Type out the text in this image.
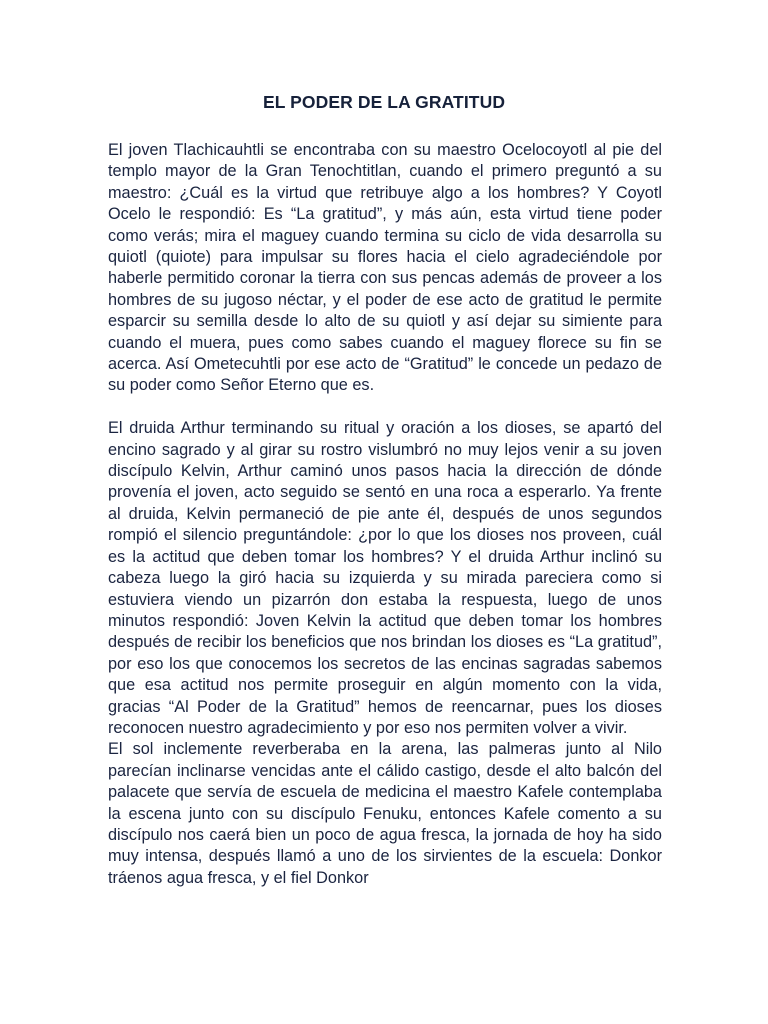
EL PODER DE LA GRATITUD

El joven Tlachicauhtli se encontraba con su maestro Ocelocoyotl al pie del templo mayor de la Gran Tenochtitlan, cuando el primero preguntó a su maestro: ¿Cuál es la virtud que retribuye algo a los hombres? Y Coyotl Ocelo le respondió: Es “La gratitud”, y más aún, esta virtud tiene poder como verás; mira el maguey cuando termina su ciclo de vida desarrolla su quiotl (quiote) para impulsar su flores hacia el cielo agradeciéndole por haberle permitido coronar la tierra con sus pencas además de proveer a los hombres de su jugoso néctar, y el poder de ese acto de gratitud le permite esparcir su semilla desde lo alto de su quiotl y así dejar su simiente para cuando el muera, pues como sabes cuando el maguey florece su fin se acerca. Así Ometecuhtli por ese acto de “Gratitud” le concede un pedazo de su poder como Señor Eterno que es.

El druida Arthur terminando su ritual y oración a los dioses, se apartó del encino sagrado y al girar su rostro vislumbró no muy lejos venir a su joven discípulo Kelvin, Arthur caminó unos pasos hacia la dirección de dónde provenía el joven, acto seguido se sentó en una roca a esperarlo. Ya frente al druida, Kelvin permaneció de pie ante él, después de unos segundos rompió el silencio preguntándole: ¿por lo que los dioses nos proveen, cuál es la actitud que deben tomar los hombres? Y el druida Arthur inclinó su cabeza luego la giró hacia su izquierda y su mirada pareciera como si estuviera viendo un pizarrón don estaba la respuesta, luego de unos minutos respondió: Joven Kelvin la actitud que deben tomar los hombres después de recibir los beneficios que nos brindan los dioses es “La gratitud”, por eso los que conocemos los secretos de las encinas sagradas sabemos que esa actitud nos permite proseguir en algún momento con la vida, gracias “Al Poder de la Gratitud” hemos de reencarnar, pues los dioses reconocen nuestro agradecimiento y por eso nos permiten volver a vivir.

El sol inclemente reverberaba en la arena, las palmeras junto al Nilo parecían inclinarse vencidas ante el cálido castigo, desde el alto balcón del palacete que servía de escuela de medicina el maestro Kafele contemplaba la escena junto con su discípulo Fenuku, entonces Kafele comento a su discípulo nos caerá bien un poco de agua fresca, la jornada de hoy ha sido muy intensa, después llamó a uno de los sirvientes de la escuela: Donkor tráenos agua fresca, y el fiel Donkor
